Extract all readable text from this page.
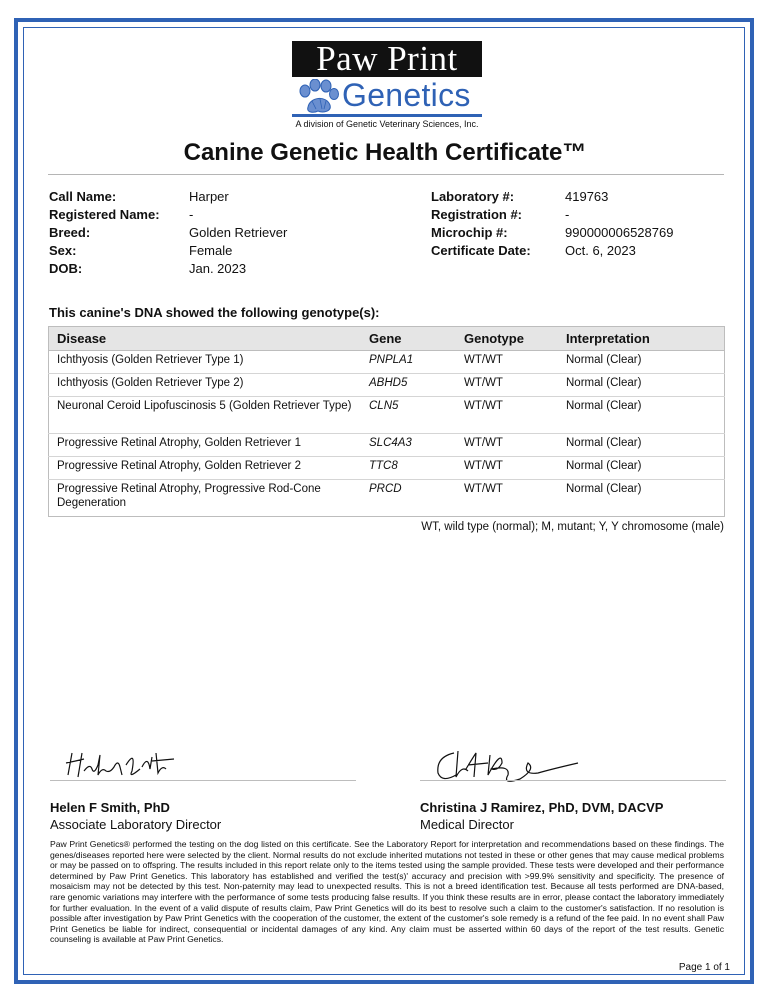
Paw Print
Genetics
A division of Genetic Veterinary Sciences, Inc.
Canine Genetic Health Certificate™
Call Name:	Harper
Registered Name:	-
Breed:	Golden Retriever
Sex:	Female
DOB:	Jan. 2023
Laboratory #:	419763
Registration #:	-
Microchip #:	990000006528769
Certificate Date:	Oct. 6, 2023
This canine's DNA showed the following genotype(s):
Disease	Gene	Genotype	Interpretation
Ichthyosis (Golden Retriever Type 1)	PNPLA1	WT/WT	Normal (Clear)
Ichthyosis (Golden Retriever Type 2)	ABHD5	WT/WT	Normal (Clear)
Neuronal Ceroid Lipofuscinosis 5 (Golden Retriever Type)	CLN5	WT/WT	Normal (Clear)
Progressive Retinal Atrophy, Golden Retriever 1	SLC4A3	WT/WT	Normal (Clear)
Progressive Retinal Atrophy, Golden Retriever 2	TTC8	WT/WT	Normal (Clear)
Progressive Retinal Atrophy, Progressive Rod-Cone Degeneration	PRCD	WT/WT	Normal (Clear)
WT, wild type (normal); M, mutant; Y, Y chromosome (male)
Helen F Smith, PhD
Associate Laboratory Director
Christina J Ramirez, PhD, DVM, DACVP
Medical Director
Paw Print Genetics® performed the testing on the dog listed on this certificate. See the Laboratory Report for interpretation and recommendations based on these findings. The genes/diseases reported here were selected by the client. Normal results do not exclude inherited mutations not tested in these or other genes that may cause medical problems or may be passed on to offspring. The results included in this report relate only to the items tested using the sample provided. These tests were developed and their performance determined by Paw Print Genetics. This laboratory has established and verified the test(s)' accuracy and precision with >99.9% sensitivity and specificity. The presence of mosaicism may not be detected by this test. Non-paternity may lead to unexpected results. This is not a breed identification test. Because all tests performed are DNA-based, rare genomic variations may interfere with the performance of some tests producing false results. If you think these results are in error, please contact the laboratory immediately for further evaluation. In the event of a valid dispute of results claim, Paw Print Genetics will do its best to resolve such a claim to the customer's satisfaction. If no resolution is possible after investigation by Paw Print Genetics with the cooperation of the customer, the extent of the customer's sole remedy is a refund of the fee paid. In no event shall Paw Print Genetics be liable for indirect, consequential or incidental damages of any kind. Any claim must be asserted within 60 days of the report of the test results. Genetic counseling is available at Paw Print Genetics.
Page 1 of 1
